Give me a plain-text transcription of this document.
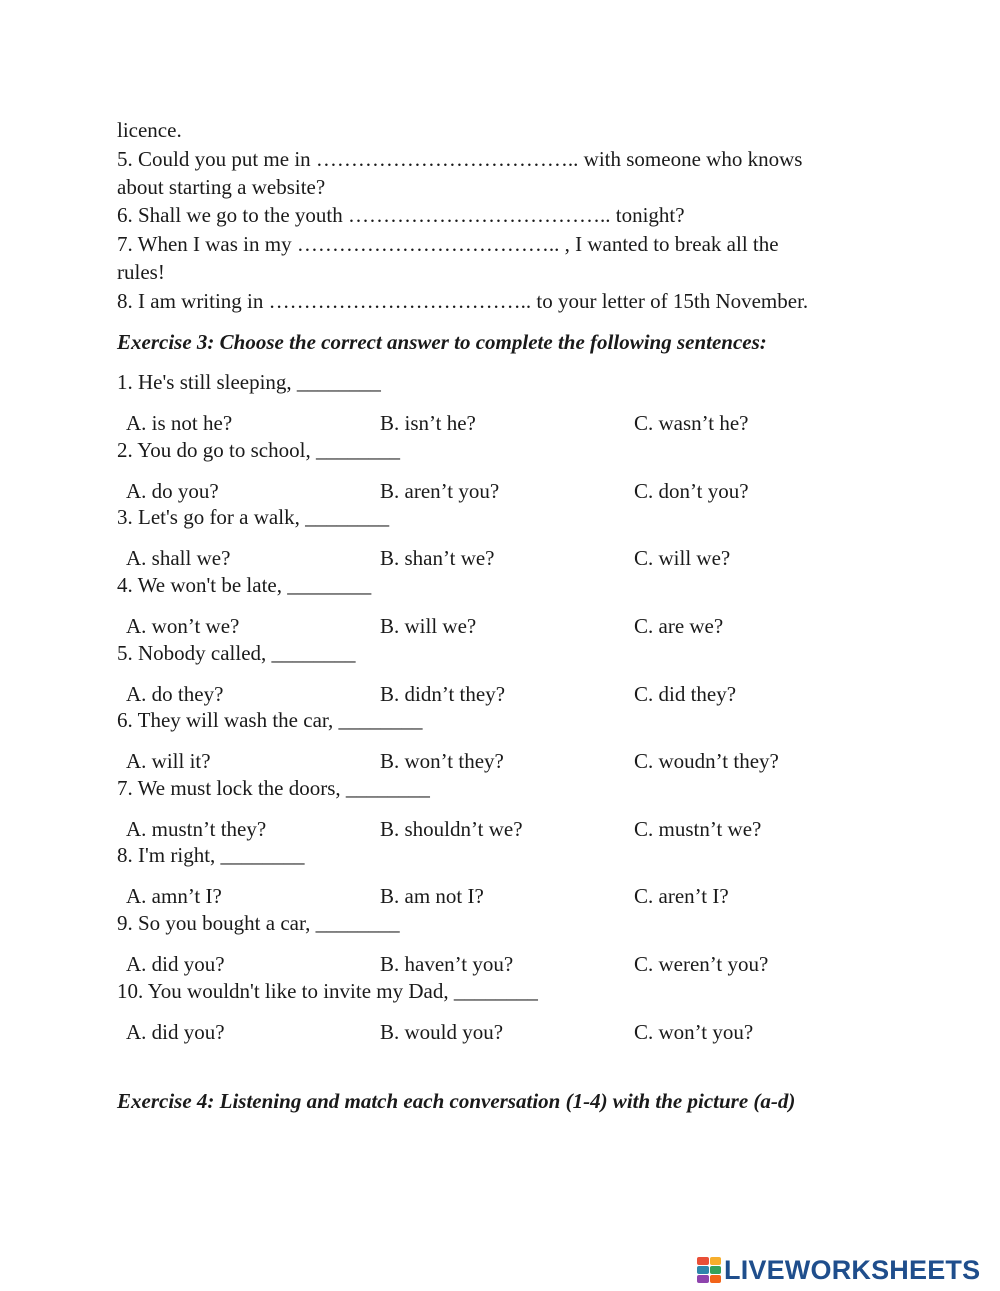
licence.
5. Could you put me in ……………………………….. with someone who knows
about starting a website?
6. Shall we go to the youth ……………………………….. tonight?
7. When I was in my ……………………………….. , I wanted to break all the
rules!
8. I am writing in ……………………………….. to your letter of 15th November.
Exercise 3: Choose the correct answer to complete the following sentences:
1. He's still sleeping, ________
A. is not he?	B. isn’t he?	C. wasn’t he?
2. You do go to school, ________
A. do you?	B. aren’t you?	C. don’t you?
3. Let's go for a walk, ________
A. shall we?	B. shan’t we?	C. will we?
4. We won't be late, ________
A. won’t we?	B. will we?	C. are we?
5. Nobody called, ________
A. do they?	B. didn’t they?	C. did they?
6. They will wash the car, ________
A. will it?	B. won’t they?	C. woudn’t they?
7. We must lock the doors, ________
A. mustn’t they?	B. shouldn’t we?	C. mustn’t we?
8. I'm right, ________
A. amn’t I?	B. am not I?	C. aren’t I?
9. So you bought a car, ________
A. did you?	B. haven’t you?	C. weren’t you?
10. You wouldn't like to invite my Dad, ________
A. did you?	B. would you?	C. won’t you?
Exercise 4: Listening and match each conversation (1-4) with the picture (a-d)
LIVEWORKSHEETS
